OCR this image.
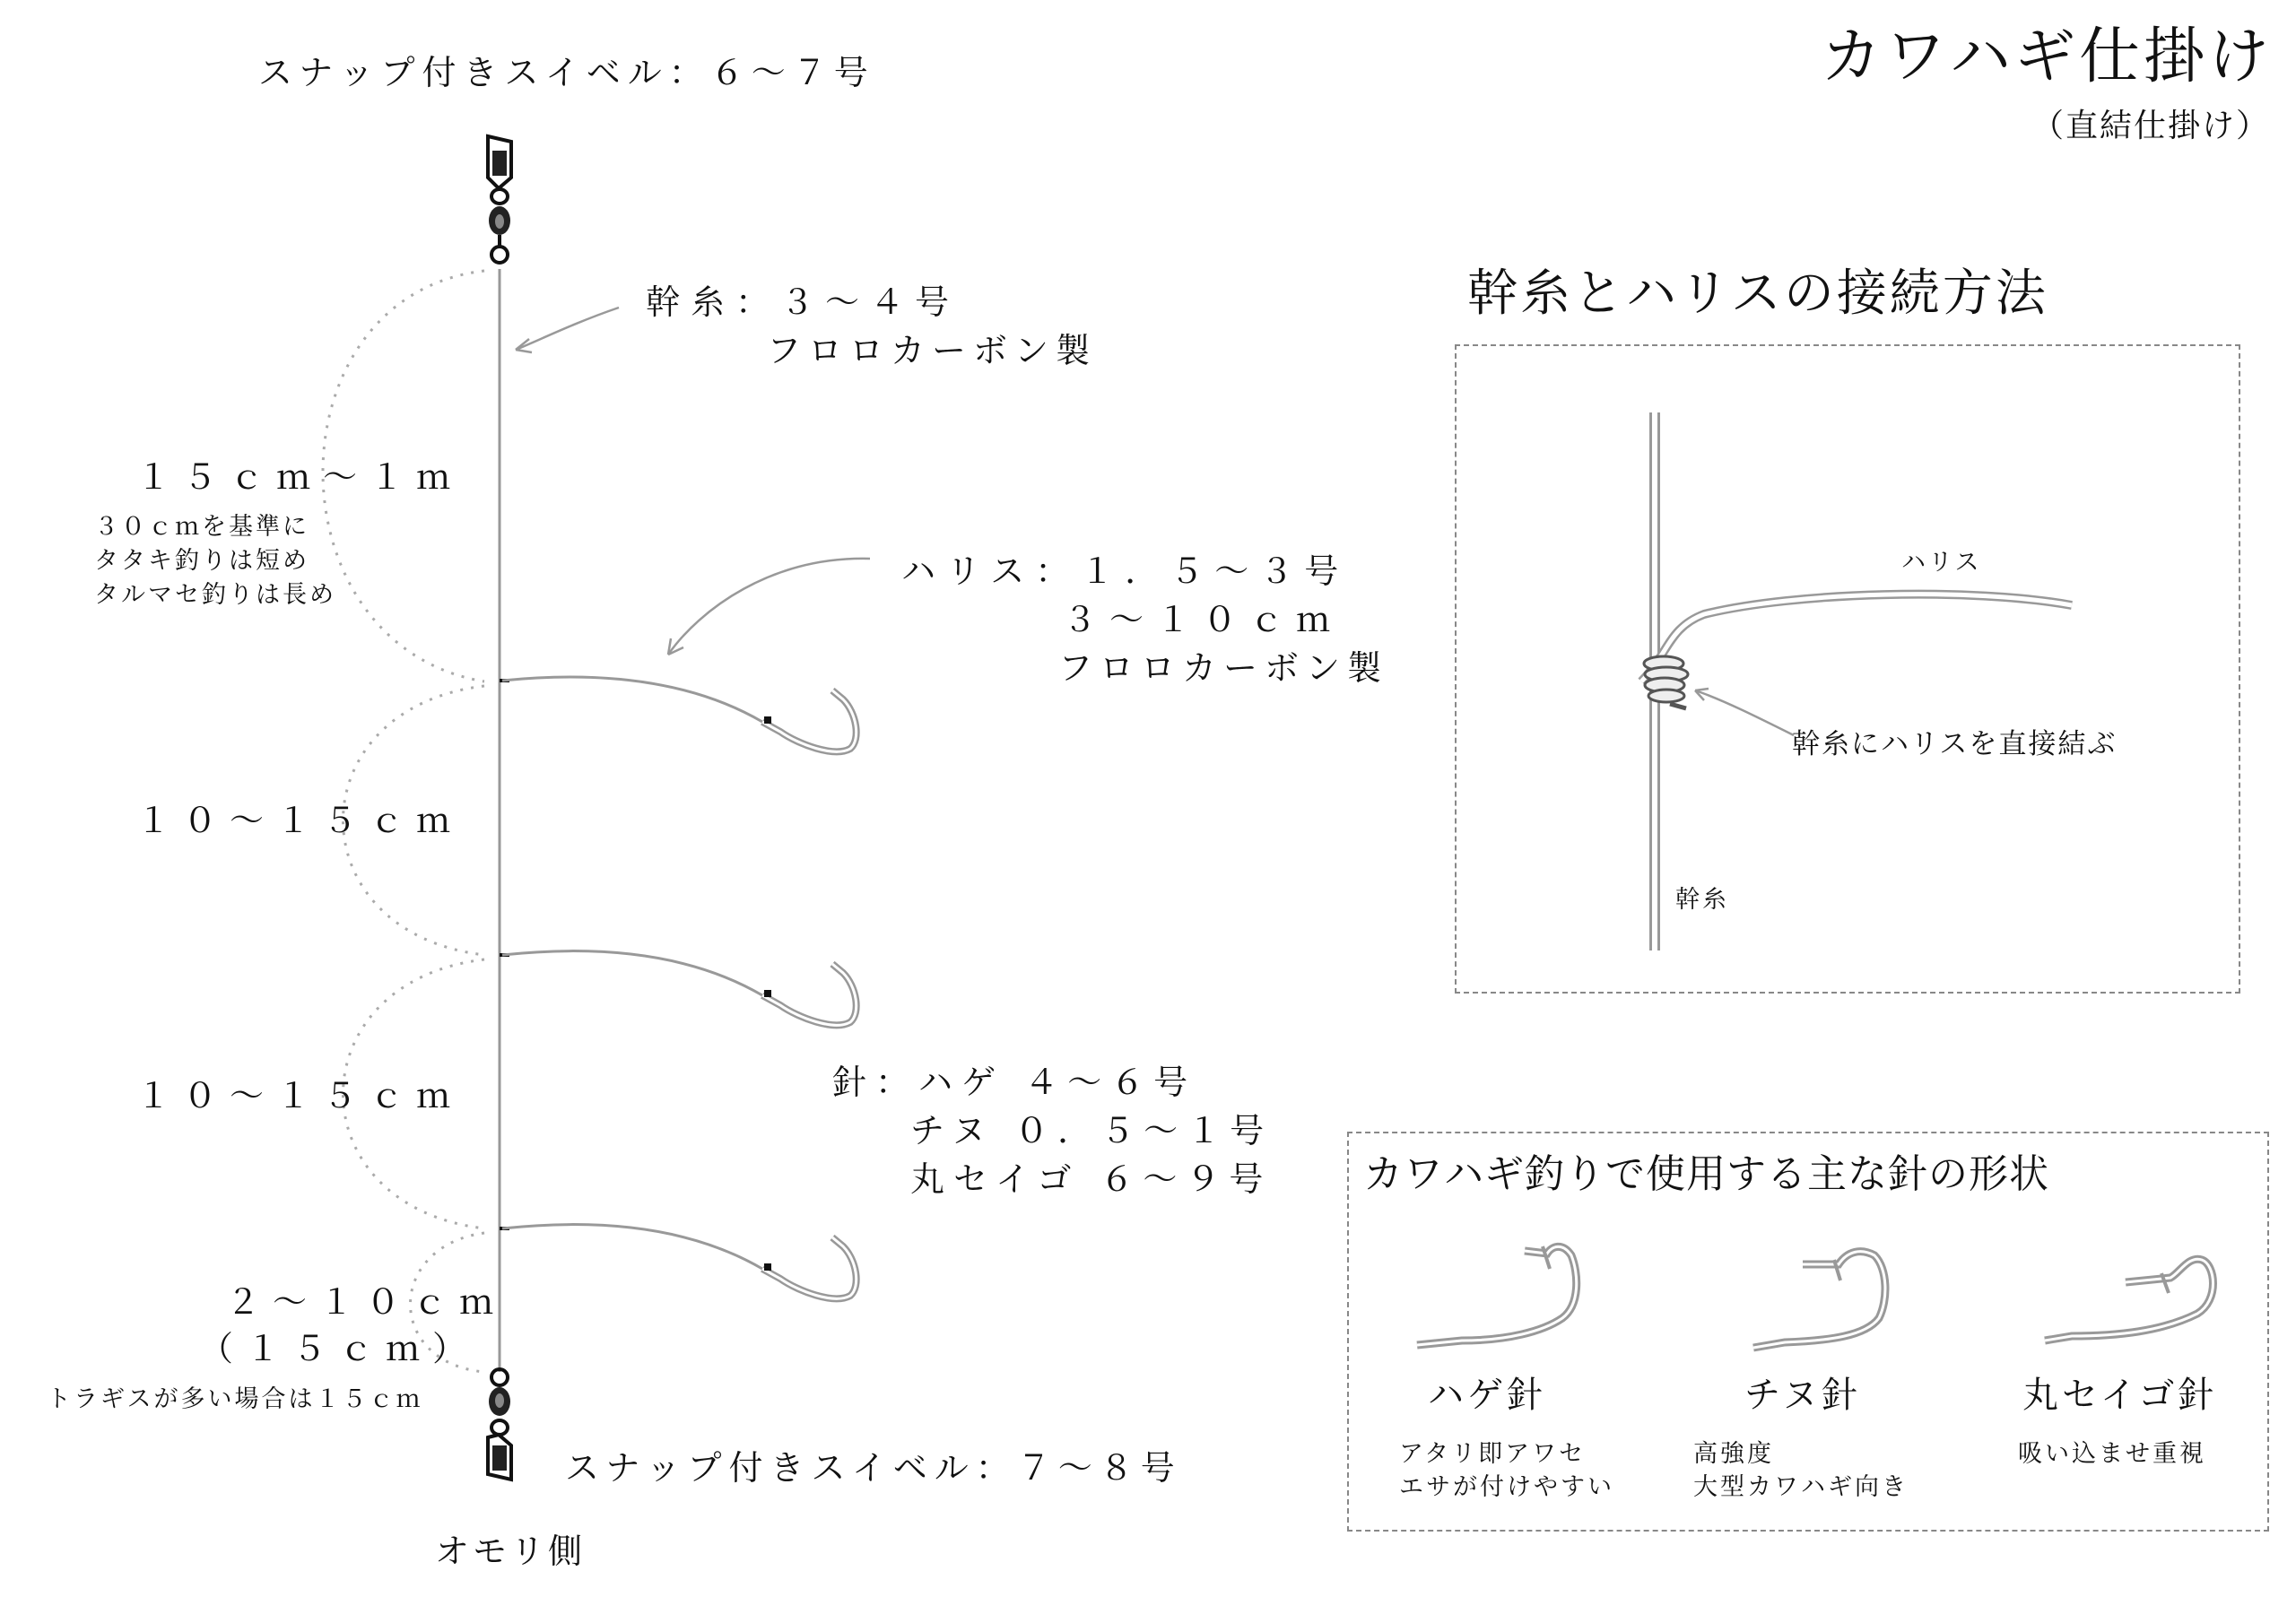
カワハギ仕掛け
（直結仕掛け）
スナップ付きスイベル：６～７号
幹糸：３～４号
フロロカーボン製
１５ｃｍ～１ｍ
３０ｃｍを基準に
タタキ釣りは短め
タルマセ釣りは長め
ハリス：１．５～３号
３～１０ｃｍ
フロロカーボン製
１０～１５ｃｍ
１０～１５ｃｍ	針：ハゲ ４～６号
チヌ ０．５～１号
丸セイゴ ６～９号
２～１０ｃｍ
（１５ｃｍ）
トラギスが多い場合は１５ｃｍ
スナップ付きスイベル：７～８号
オモリ側
幹糸とハリスの接続方法
ハリス
幹糸にハリスを直接結ぶ
幹糸
カワハギ釣りで使用する主な針の形状
ハゲ針
アタリ即アワセ
エサが付けやすい
チヌ針
高強度
大型カワハギ向き
丸セイゴ針
吸い込ませ重視
